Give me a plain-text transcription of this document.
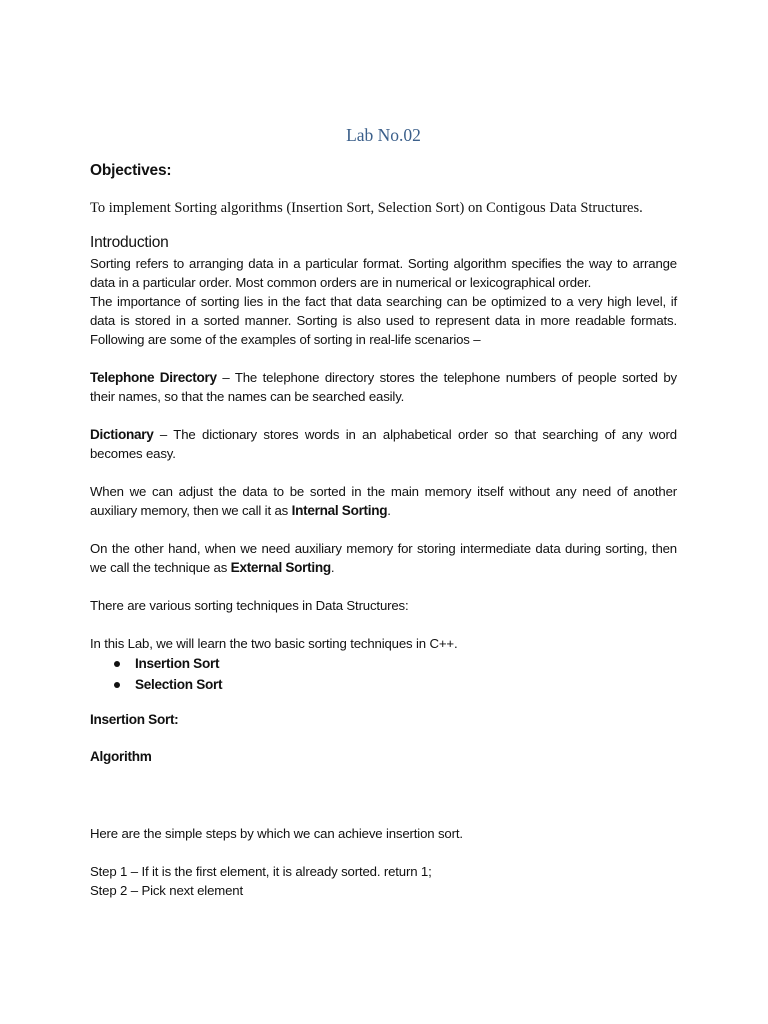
Lab No.02
Objectives:

To implement Sorting algorithms (Insertion Sort, Selection Sort) on Contigous Data Structures.

Introduction

Sorting refers to arranging data in a particular format. Sorting algorithm specifies the way to arrange data in a particular order. Most common orders are in numerical or lexicographical order.

The importance of sorting lies in the fact that data searching can be optimized to a very high level, if data is stored in a sorted manner. Sorting is also used to represent data in more readable formats. Following are some of the examples of sorting in real-life scenarios –

Telephone Directory – The telephone directory stores the telephone numbers of people sorted by their names, so that the names can be searched easily.

Dictionary – The dictionary stores words in an alphabetical order so that searching of any word becomes easy.

When we can adjust the data to be sorted in the main memory itself without any need of another auxiliary memory, then we call it as Internal Sorting.

On the other hand, when we need auxiliary memory for storing intermediate data during sorting, then we call the technique as External Sorting.

There are various sorting techniques in Data Structures:

In this Lab, we will learn the two basic sorting techniques in C++.

Insertion Sort
Selection Sort

Insertion Sort:

Algorithm

Here are the simple steps by which we can achieve insertion sort.

Step 1 – If it is the first element, it is already sorted. return 1;

Step 2 – Pick next element
